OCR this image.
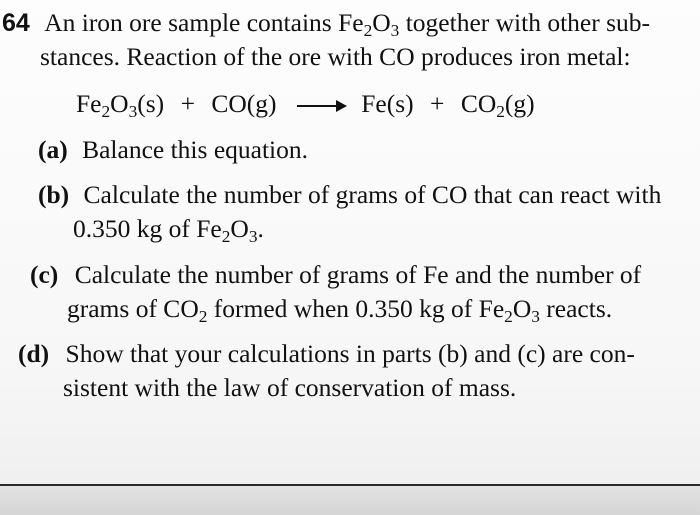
64 An iron ore sample contains $Fe_2O_3$ together with other sub-
stances. Reaction of the ore with CO produces iron metal:
$Fe_2O_3(s) + CO(g) \to Fe(s) + CO_2(g)$
(a) Balance this equation.
(b) Calculate the number of grams of CO that can react with
0.350 kg of $Fe_2O_3$.
(c) Calculate the number of grams of Fe and the number of
grams of $CO_2$ formed when 0.350 kg of $Fe_2O_3$ reacts.
(d) Show that your calculations in parts (b) and (c) are con-
sistent with the law of conservation of mass.
